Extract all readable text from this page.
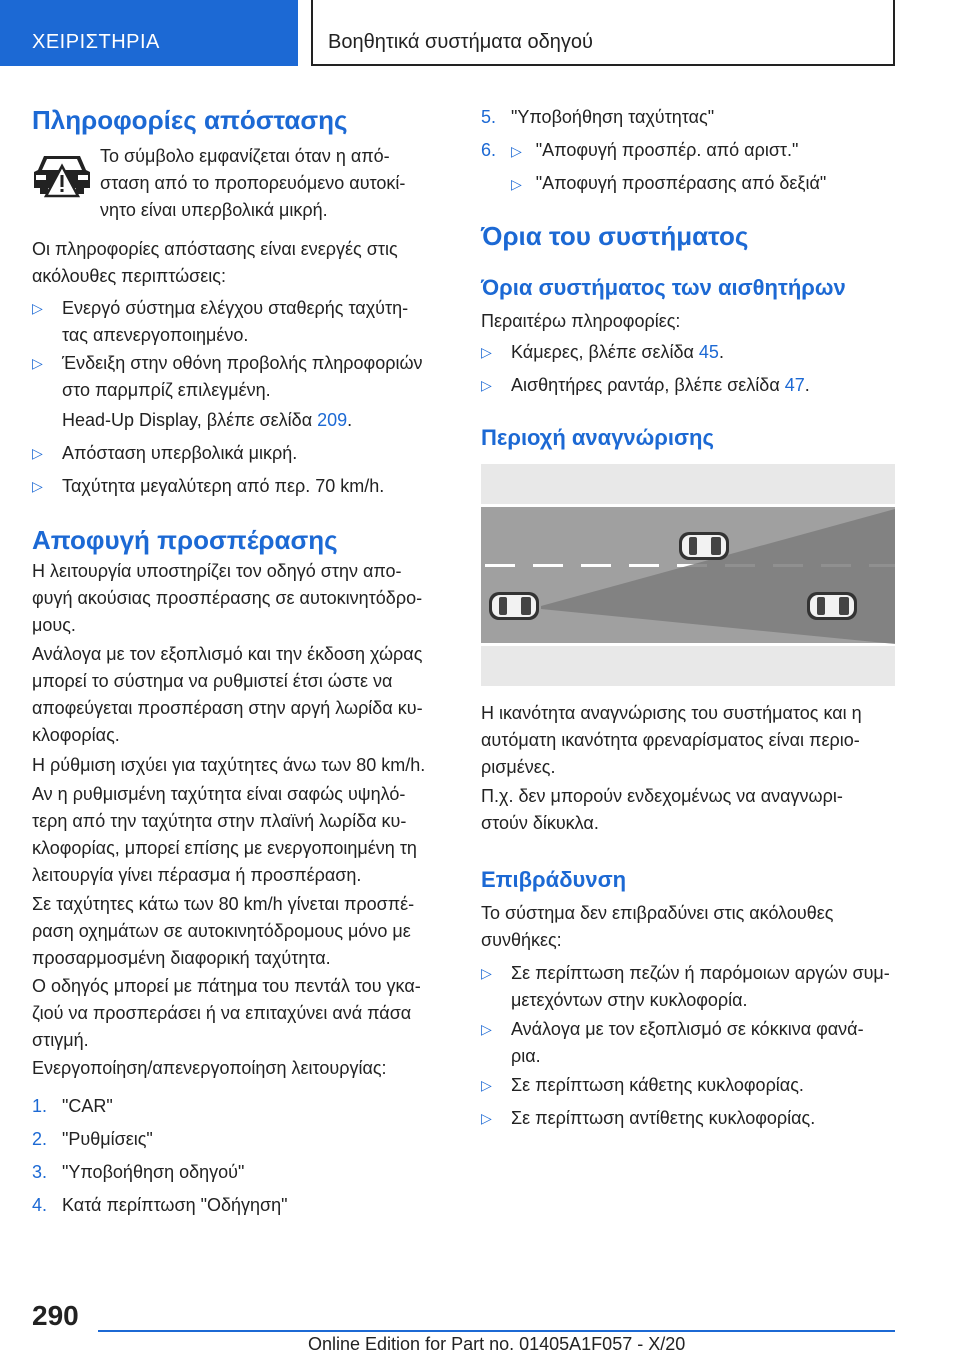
ΧΕΙΡΙΣΤΗΡΙΑ	Βοηθητικά συστήματα οδηγού
Πληροφορίες απόστασης
Το σύμβολο εμφανίζεται όταν η από-
σταση από το προπορευόμενο αυτοκί-
νητο είναι υπερβολικά μικρή.
Οι πληροφορίες απόστασης είναι ενεργές στις
ακόλουθες περιπτώσεις:
▷ Ενεργό σύστημα ελέγχου σταθερής ταχύτη-
τας απενεργοποιημένο.
▷ Ένδειξη στην οθόνη προβολής πληροφοριών
στο παρμπρίζ επιλεγμένη.
Head-Up Display, βλέπε σελίδα 209.
▷ Απόσταση υπερβολικά μικρή.
▷ Ταχύτητα μεγαλύτερη από περ. 70 km/h.
Αποφυγή προσπέρασης
Η λειτουργία υποστηρίζει τον οδηγό στην απο-
φυγή ακούσιας προσπέρασης σε αυτοκινητόδρο-
μους.
Ανάλογα με τον εξοπλισμό και την έκδοση χώρας
μπορεί το σύστημα να ρυθμιστεί έτσι ώστε να
αποφεύγεται προσπέραση στην αργή λωρίδα κυ-
κλοφορίας.
Η ρύθμιση ισχύει για ταχύτητες άνω των 80 km/h.
Αν η ρυθμισμένη ταχύτητα είναι σαφώς υψηλό-
τερη από την ταχύτητα στην πλαϊνή λωρίδα κυ-
κλοφορίας, μπορεί επίσης με ενεργοποιημένη τη
λειτουργία γίνει πέρασμα ή προσπέραση.
Σε ταχύτητες κάτω των 80 km/h γίνεται προσπέ-
ραση οχημάτων σε αυτοκινητόδρομους μόνο με
προσαρμοσμένη διαφορική ταχύτητα.
Ο οδηγός μπορεί με πάτημα του πεντάλ του γκα-
ζιού να προσπεράσει ή να επιταχύνει ανά πάσα
στιγμή.
Ενεργοποίηση/απενεργοποίηση λειτουργίας:
1. "CAR"
2. "Ρυθμίσεις"
3. "Υποβοήθηση οδηγού"
4. Κατά περίπτωση "Οδήγηση"
5. "Υποβοήθηση ταχύτητας"
6. ▷ "Αποφυγή προσπέρ. από αριστ."
▷ "Αποφυγή προσπέρασης από δεξιά"
Όρια του συστήματος
Όρια συστήματος των αισθητήρων
Περαιτέρω πληροφορίες:
▷ Κάμερες, βλέπε σελίδα 45.
▷ Αισθητήρες ραντάρ, βλέπε σελίδα 47.
Περιοχή αναγνώρισης
Η ικανότητα αναγνώρισης του συστήματος και η
αυτόματη ικανότητα φρεναρίσματος είναι περιο-
ρισμένες.
Π.χ. δεν μπορούν ενδεχομένως να αναγνωρι-
στούν δίκυκλα.
Επιβράδυνση
Το σύστημα δεν επιβραδύνει στις ακόλουθες
συνθήκες:
▷ Σε περίπτωση πεζών ή παρόμοιων αργών συμ-
μετεχόντων στην κυκλοφορία.
▷ Ανάλογα με τον εξοπλισμό σε κόκκινα φανά-
ρια.
▷ Σε περίπτωση κάθετης κυκλοφορίας.
▷ Σε περίπτωση αντίθετης κυκλοφορίας.
290
Online Edition for Part no. 01405A1F057 - X/20
